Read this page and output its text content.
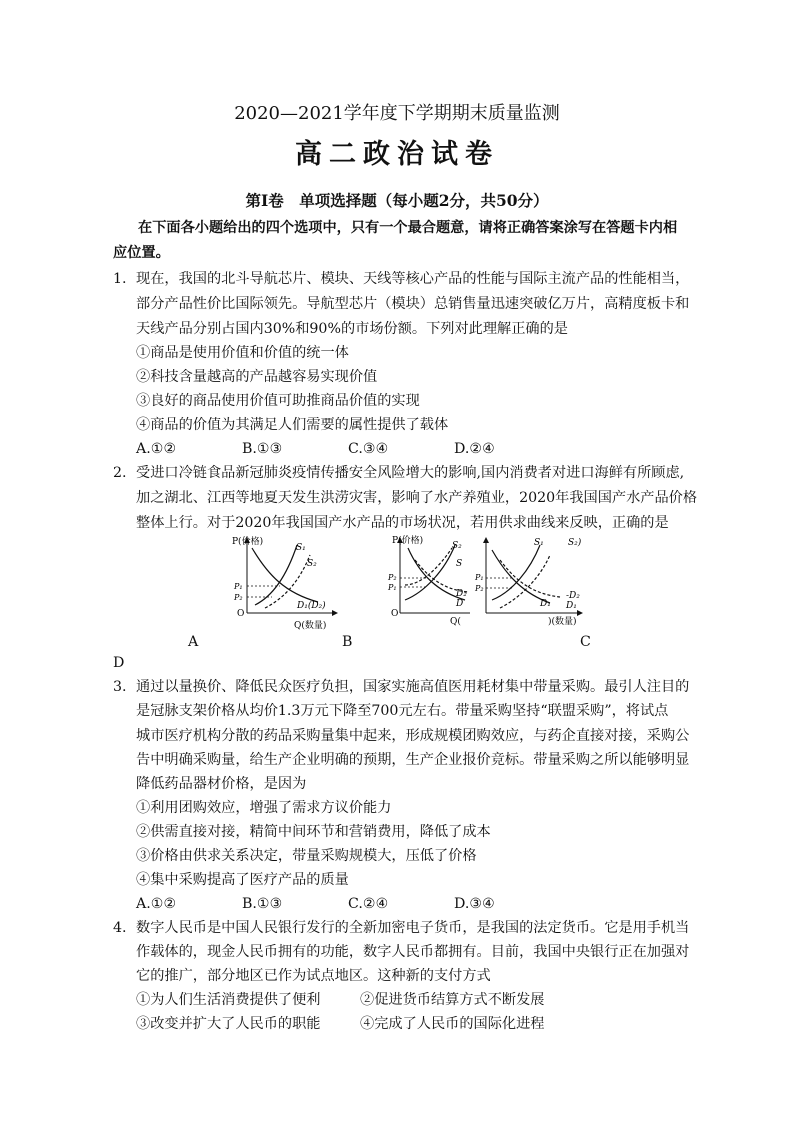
2020—2021学年度下学期期末质量监测
高二政治试卷
第Ⅰ卷　单项选择题（每小题2分，共50分）
在下面各小题给出的四个选项中，只有一个最合题意，请将正确答案涂写在答题卡内相
应位置。
1. 现在，我国的北斗导航芯片、模块、天线等核心产品的性能与国际主流产品的性能相当，
部分产品性价比国际领先。导航型芯片（模块）总销售量迅速突破亿万片，高精度板卡和
天线产品分别占国内30%和90%的市场份额。下列对此理解正确的是
①商品是使用价值和价值的统一体
②科技含量越高的产品越容易实现价值
③良好的商品使用价值可助推商品价值的实现
④商品的价值为其满足人们需要的属性提供了载体
A.①②	B.①③	C.③④	D.②④
2. 受进口冷链食品新冠肺炎疫情传播安全风险增大的影响,国内消费者对进口海鲜有所顾虑,
加之湖北、江西等地夏天发生洪涝灾害，影响了水产养殖业，2020年我国国产水产品价格
整体上行。对于2020年我国国产水产品的市场状况，若用供求曲线来反映，正确的是
P(价格)
Q(数量)
O
S₁
S₂
D₁(D₂)
P₁
P₂
P(价格)
Q(
O
S₂
S
D₂
D
P₂
P₁
S₁	S₂)
-D₂
D₁ D₁
)(数量)
P₁
P₂
A	B	C
D
3. 通过以量换价、降低民众医疗负担，国家实施高值医用耗材集中带量采购。最引人注目的
是冠脉支架价格从均价1.3万元下降至700元左右。带量采购坚持“联盟采购”，将试点
城市医疗机构分散的药品采购量集中起来，形成规模团购效应，与药企直接对接，采购公
告中明确采购量，给生产企业明确的预期，生产企业报价竞标。带量采购之所以能够明显
降低药品器材价格，是因为
①利用团购效应，增强了需求方议价能力
②供需直接对接，精简中间环节和营销费用，降低了成本
③价格由供求关系决定，带量采购规模大，压低了价格
④集中采购提高了医疗产品的质量
A.①②	B.①③	C.②④	D.③④
4. 数字人民币是中国人民银行发行的全新加密电子货币，是我国的法定货币。它是用手机当
作载体的，现金人民币拥有的功能，数字人民币都拥有。目前，我国中央银行正在加强对
它的推广，部分地区已作为试点地区。这种新的支付方式
①为人们生活消费提供了便利	②促进货币结算方式不断发展
③改变并扩大了人民币的职能	④完成了人民币的国际化进程
